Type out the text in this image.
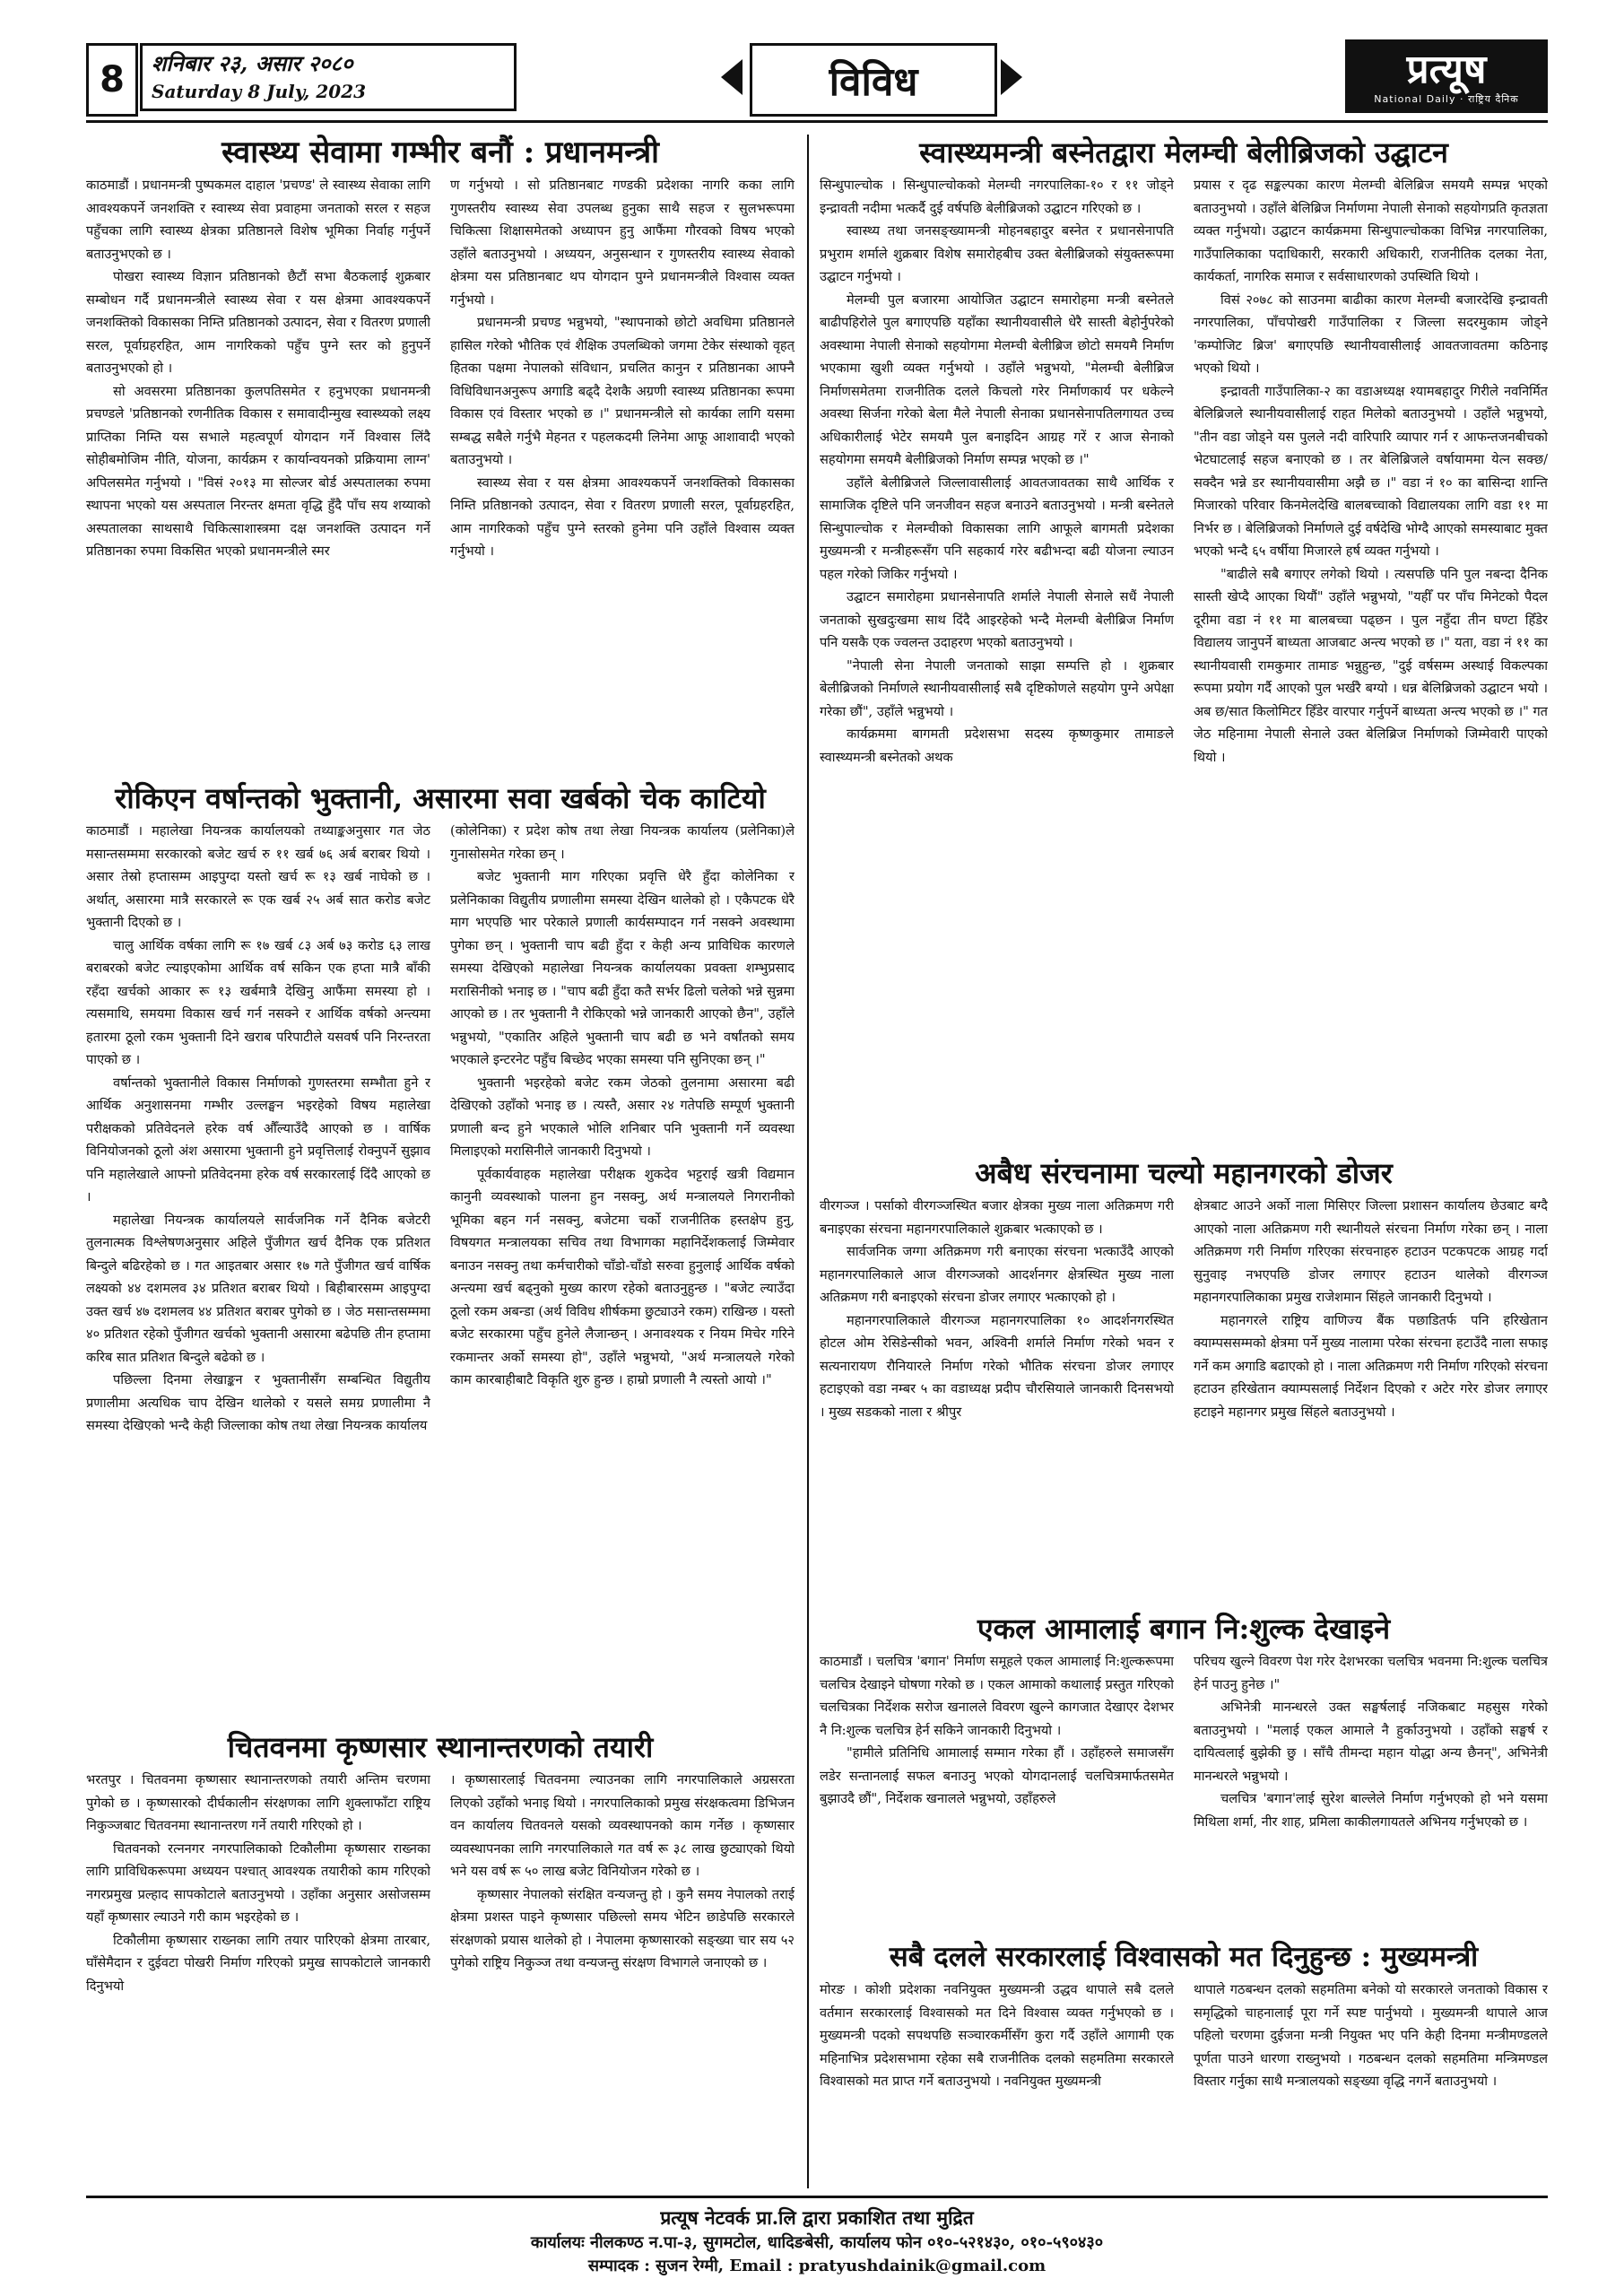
8	शनिबार २३, असार २०८०
Saturday 8 July, 2023	विविध	प्रत्यूष
National Daily · राष्ट्रिय दैनिक
स्वास्थ्य सेवामा गम्भीर बनौं : प्रधानमन्त्री

काठमाडौं । प्रधानमन्त्री पुष्पकमल दाहाल 'प्रचण्ड' ले स्वास्थ्य सेवाका लागि आवश्यकपर्ने जनशक्ति र स्वास्थ्य सेवा प्रवाहमा जनताको सरल र सहज पहुँचका लागि स्वास्थ्य क्षेत्रका प्रतिष्ठानले विशेष भूमिका निर्वाह गर्नुपर्ने बताउनुभएको छ ।

पोखरा स्वास्थ्य विज्ञान प्रतिष्ठानको छैटौं सभा बैठकलाई शुक्रबार सम्बोधन गर्दै प्रधानमन्त्रीले स्वास्थ्य सेवा र यस क्षेत्रमा आवश्यकपर्ने जनशक्तिको विकासका निम्ति प्रतिष्ठानको उत्पादन, सेवा र वितरण प्रणाली सरल, पूर्वाग्रहरहित, आम नागरिकको पहुँच पुग्ने स्तर को हुनुपर्ने बताउनुभएको हो ।

सो अवसरमा प्रतिष्ठानका कुलपतिसमेत र हनुभएका प्रधानमन्त्री प्रचण्डले 'प्रतिष्ठानको रणनीतिक विकास र समावादीन्मुख स्वास्थ्यको लक्ष्य प्राप्तिका निम्ति यस सभाले महत्वपूर्ण योगदान गर्ने विश्वास लिंदै सोहीबमोजिम नीति, योजना, कार्यक्रम र कार्यान्वयनको प्रक्रियामा लाग्न' अपिलसमेत गर्नुभयो । "विसं २०१३ मा सोल्जर बोर्ड अस्पतालका रुपमा स्थापना भएको यस अस्पताल निरन्तर क्षमता वृद्धि हुँदै पाँच सय शय्याको अस्पतालका साथसाथै चिकित्साशास्त्रमा दक्ष जनशक्ति उत्पादन गर्ने प्रतिष्ठानका रुपमा विकसित भएको प्रधानमन्त्रीले स्मर

ण गर्नुभयो । सो प्रतिष्ठानबाट गण्डकी प्रदेशका नागरि कका लागि गुणस्तरीय स्वास्थ्य सेवा उपलब्ध हुनुका साथै सहज र सुलभरूपमा चिकित्सा शिक्षासमेतको अध्यापन हुनु आफैंमा गौरवको विषय भएको उहाँले बताउनुभयो । अध्ययन, अनुसन्धान र गुणस्तरीय स्वास्थ्य सेवाको क्षेत्रमा यस प्रतिष्ठानबाट थप योगदान पुग्ने प्रधानमन्त्रीले विश्वास व्यक्त गर्नुभयो ।

प्रधानमन्त्री प्रचण्ड भन्नुभयो, "स्थापनाको छोटो अवधिमा प्रतिष्ठानले हासिल गरेको भौतिक एवं शैक्षिक उपलब्धिको जगमा टेकेर संस्थाको वृहत् हितका पक्षमा नेपालको संविधान, प्रचलित कानुन र प्रतिष्ठानका आफ्नै विधिविधानअनुरूप अगाडि बढ्दै देशकै अग्रणी स्वास्थ्य प्रतिष्ठानका रूपमा विकास एवं विस्तार भएको छ ।" प्रधानमन्त्रीले सो कार्यका लागि यसमा सम्बद्ध सबैले गर्नुभै मेहनत र पहलकदमी लिनेमा आफू आशावादी भएको बताउनुभयो ।

स्वास्थ्य सेवा र यस क्षेत्रमा आवश्यकपर्ने जनशक्तिको विकासका निम्ति प्रतिष्ठानको उत्पादन, सेवा र वितरण प्रणाली सरल, पूर्वाग्रहरहित, आम नागरिकको पहुँच पुग्ने स्तरको हुनेमा पनि उहाँले विश्वास व्यक्त गर्नुभयो ।

रोकिएन वर्षान्तको भुक्तानी, असारमा सवा खर्बको चेक काटियो

काठमाडौं । महालेखा नियन्त्रक कार्यालयको तथ्याङ्कअनुसार गत जेठ मसान्तसम्ममा सरकारको बजेट खर्च रु ११ खर्ब ७६ अर्ब बराबर थियो । असार तेस्रो हप्तासम्म आइपुग्दा यस्तो खर्च रू १३ खर्ब नाघेको छ । अर्थात्, असारमा मात्रै सरकारले रू एक खर्ब २५ अर्ब सात करोड बजेट भुक्तानी दिएको छ ।

चालु आर्थिक वर्षका लागि रू १७ खर्ब ८३ अर्ब ७३ करोड ६३ लाख बराबरको बजेट ल्याइएकोमा आर्थिक वर्ष सकिन एक हप्ता मात्रै बाँकी रहँदा खर्चको आकार रू १३ खर्बमात्रै देखिनु आफैंमा समस्या हो । त्यसमाथि, समयमा विकास खर्च गर्न नसक्ने र आर्थिक वर्षको अन्त्यमा हतारमा ठूलो रकम भुक्तानी दिने खराब परिपाटीले यसवर्ष पनि निरन्तरता पाएको छ ।

वर्षान्तको भुक्तानीले विकास निर्माणको गुणस्तरमा सम्भौता हुने र आर्थिक अनुशासनमा गम्भीर उल्लङ्घन भइरहेको विषय महालेखा परीक्षकको प्रतिवेदनले हरेक वर्ष औँल्याउँदै आएको छ । वार्षिक विनियोजनको ठूलो अंश असारमा भुक्तानी हुने प्रवृत्तिलाई रोक्नुपर्ने सुझाव पनि महालेखाले आफ्नो प्रतिवेदनमा हरेक वर्ष सरकारलाई दिंदै आएको छ ।

महालेखा नियन्त्रक कार्यालयले सार्वजनिक गर्ने दैनिक बजेटरी तुलनात्मक विश्लेषणअनुसार अहिले पुँजीगत खर्च दैनिक एक प्रतिशत बिन्दुले बढिरहेको छ । गत आइतबार असार १७ गते पुँजीगत खर्च वार्षिक लक्ष्यको ४४ दशमलव ३४ प्रतिशत बराबर थियो । बिहीबारसम्म आइपुग्दा उक्त खर्च ४७ दशमलव ४४ प्रतिशत बराबर पुगेको छ । जेठ मसान्तसम्ममा ४० प्रतिशत रहेको पुँजीगत खर्चको भुक्तानी असारमा बढेपछि तीन हप्तामा करिब सात प्रतिशत बिन्दुले बढेको छ ।

पछिल्ला दिनमा लेखाङ्कन र भुक्तानीसँग सम्बन्धित विद्युतीय प्रणालीमा अत्यधिक चाप देखिन थालेको र यसले समग्र प्रणालीमा नै समस्या देखिएको भन्दै केही जिल्लाका कोष तथा लेखा नियन्त्रक कार्यालय

(कोलेनिका) र प्रदेश कोष तथा लेखा नियन्त्रक कार्यालय (प्रलेनिका)ले गुनासोसमेत गरेका छन् ।

बजेट भुक्तानी माग गरिएका प्रवृत्ति धेरै हुँदा कोलेनिका र प्रलेनिकाका विद्युतीय प्रणालीमा समस्या देखिन थालेको हो । एकैपटक धेरै माग भएपछि भार परेकाले प्रणाली कार्यसम्पादन गर्न नसक्ने अवस्थामा पुगेका छन् । भुक्तानी चाप बढी हुँदा र केही अन्य प्राविधिक कारणले समस्या देखिएको महालेखा नियन्त्रक कार्यालयका प्रवक्ता शम्भुप्रसाद मरासिनीको भनाइ छ । "चाप बढी हुँदा कतै सर्भर ढिलो चलेको भन्ने सुन्नमा आएको छ । तर भुक्तानी नै रोकिएको भन्ने जानकारी आएको छैन", उहाँले भन्नुभयो, "एकातिर अहिले भुक्तानी चाप बढी छ भने वर्षांतको समय भएकाले इन्टरनेट पहुँच बिच्छेद भएका समस्या पनि सुनिएका छन् ।"

भुक्तानी भइरहेको बजेट रकम जेठको तुलनामा असारमा बढी देखिएको उहाँको भनाइ छ । त्यस्तै, असार २४ गतेपछि सम्पूर्ण भुक्तानी प्रणाली बन्द हुने भएकाले भोलि शनिबार पनि भुक्तानी गर्ने व्यवस्था मिलाइएको मरासिनीले जानकारी दिनुभयो ।

पूर्वकार्यवाहक महालेखा परीक्षक शुकदेव भट्टराई खत्री विद्यमान कानुनी व्यवस्थाको पालना हुन नसक्नु, अर्थ मन्त्रालयले निगरानीको भूमिका बहन गर्न नसक्नु, बजेटमा चर्को राजनीतिक हस्तक्षेप हुनु, विषयगत मन्त्रालयका सचिव तथा विभागका महानिर्देशकलाई जिम्मेवार बनाउन नसक्नु तथा कर्मचारीको चाँडो-चाँडो सरुवा हुनुलाई आर्थिक वर्षको अन्त्यमा खर्च बढ्नुको मुख्य कारण रहेको बताउनुहुन्छ । "बजेट ल्याउँदा ठूलो रकम अबन्डा (अर्थ विविध शीर्षकमा छुट्याउने रकम) राखिन्छ । यस्तो बजेट सरकारमा पहुँच हुनेले लैजान्छन् । अनावश्यक र नियम मिचेर गरिने रकमान्तर अर्को समस्या हो", उहाँले भन्नुभयो, "अर्थ मन्त्रालयले गरेको काम कारबाहीबाटै विकृति शुरु हुन्छ । हाम्रो प्रणाली नै त्यस्तो आयो ।"

चितवनमा कृष्णसार स्थानान्तरणको तयारी

भरतपुर । चितवनमा कृष्णसार स्थानान्तरणको तयारी अन्तिम चरणमा पुगेको छ । कृष्णसारको दीर्घकालीन संरक्षणका लागि शुक्लाफाँटा राष्ट्रिय निकुञ्जबाट चितवनमा स्थानान्तरण गर्ने तयारी गरिएको हो ।

चितवनको रत्ननगर नगरपालिकाको टिकौलीमा कृष्णसार राख्नका लागि प्राविधिकरूपमा अध्ययन पश्चात् आवश्यक तयारीको काम गरिएको नगरप्रमुख प्रल्हाद सापकोटाले बताउनुभयो । उहाँका अनुसार असोजसम्म यहाँ कृष्णसार ल्याउने गरी काम भइरहेको छ ।

टिकौलीमा कृष्णसार राख्नका लागि तयार पारिएको क्षेत्रमा तारबार, घाँसेमैदान र दुईवटा पोखरी निर्माण गरिएको प्रमुख सापकोटाले जानकारी दिनुभयो

। कृष्णसारलाई चितवनमा ल्याउनका लागि नगरपालिकाले अग्रसरता लिएको उहाँको भनाइ थियो । नगरपालिकाको प्रमुख संरक्षकत्वमा डिभिजन वन कार्यालय चितवनले यसको व्यवस्थापनको काम गर्नेछ । कृष्णसार व्यवस्थापनका लागि नगरपालिकाले गत वर्ष रू ३८ लाख छुट्याएको थियो भने यस वर्ष रू ५० लाख बजेट विनियोजन गरेको छ ।

कृष्णसार नेपालको संरक्षित वन्यजन्तु हो । कुनै समय नेपालको तराई क्षेत्रमा प्रशस्त पाइने कृष्णसार पछिल्लो समय भेटिन छाडेपछि सरकारले संरक्षणको प्रयास थालेको हो । नेपालमा कृष्णसारको सङ्ख्या चार सय ५२ पुगेको राष्ट्रिय निकुञ्ज तथा वन्यजन्तु संरक्षण विभागले जनाएको छ ।

स्वास्थ्यमन्त्री बस्नेतद्वारा मेलम्ची बेलीब्रिजको उद्घाटन

सिन्धुपाल्चोक । सिन्धुपाल्चोकको मेलम्ची नगरपालिका-१० र ११ जोड्ने इन्द्रावती नदीमा भत्कर्दै दुई वर्षपछि बेलीब्रिजको उद्घाटन गरिएको छ ।

स्वास्थ्य तथा जनसङ्ख्यामन्त्री मोहनबहादुर बस्नेत र प्रधानसेनापति प्रभुराम शर्माले शुक्रबार विशेष समारोहबीच उक्त बेलीब्रिजको संयुक्तरूपमा उद्घाटन गर्नुभयो ।

मेलम्ची पुल बजारमा आयोजित उद्घाटन समारोहमा मन्त्री बस्नेतले बाढीपहिरोले पुल बगाएपछि यहाँका स्थानीयवासीले धेरै सास्ती बेहोर्नुपरेको अवस्थामा नेपाली सेनाको सहयोगमा मेलम्ची बेलीब्रिज छोटो समयमै निर्माण भएकामा खुशी व्यक्त गर्नुभयो । उहाँले भन्नुभयो, "मेलम्ची बेलीब्रिज निर्माणसमेतमा राजनीतिक दलले किचलो गरेर निर्माणकार्य पर धकेल्ने अवस्था सिर्जना गरेको बेला मैले नेपाली सेनाका प्रधानसेनापतिलगायत उच्च अधिकारीलाई भेटेर समयमै पुल बनाइदिन आग्रह गरें र आज सेनाको सहयोगमा समयमै बेलीब्रिजको निर्माण सम्पन्न भएको छ ।"

उहाँले बेलीब्रिजले जिल्लावासीलाई आवतजावतका साथै आर्थिक र सामाजिक दृष्टिले पनि जनजीवन सहज बनाउने बताउनुभयो । मन्त्री बस्नेतले सिन्धुपाल्चोक र मेलम्चीको विकासका लागि आफूले बागमती प्रदेशका मुख्यमन्त्री र मन्त्रीहरूसँग पनि सहकार्य गरेर बढीभन्दा बढी योजना ल्याउन पहल गरेको जिकिर गर्नुभयो ।

उद्घाटन समारोहमा प्रधानसेनापति शर्माले नेपाली सेनाले सधैं नेपाली जनताको सुखदुःखमा साथ दिंदै आइरहेको भन्दै मेलम्ची बेलीब्रिज निर्माण पनि यसकै एक ज्वलन्त उदाहरण भएको बताउनुभयो ।

"नेपाली सेना नेपाली जनताको साझा सम्पत्ति हो । शुक्रबार बेलीब्रिजको निर्माणले स्थानीयवासीलाई सबै दृष्टिकोणले सहयोग पुग्ने अपेक्षा गरेका छौं", उहाँले भन्नुभयो ।

कार्यक्रममा बागमती प्रदेशसभा सदस्य कृष्णकुमार तामाङले स्वास्थ्यमन्त्री बस्नेतको अथक

प्रयास र दृढ सङ्कल्पका कारण मेलम्ची बेलिब्रिज समयमै सम्पन्न भएको बताउनुभयो । उहाँले बेलिब्रिज निर्माणमा नेपाली सेनाको सहयोगप्रति कृतज्ञता व्यक्त गर्नुभयो। उद्घाटन कार्यक्रममा सिन्धुपाल्चोकका विभिन्न नगरपालिका, गाउँपालिकाका पदाधिकारी, सरकारी अधिकारी, राजनीतिक दलका नेता, कार्यकर्ता, नागरिक समाज र सर्वसाधारणको उपस्थिति थियो ।

विसं २०७८ को साउनमा बाढीका कारण मेलम्ची बजारदेखि इन्द्रावती नगरपालिका, पाँचपोखरी गाउँपालिका र जिल्ला सदरमुकाम जोड्ने 'कम्पोजिट ब्रिज' बगाएपछि स्थानीयवासीलाई आवतजावतमा कठिनाइ भएको थियो ।

इन्द्रावती गाउँपालिका-२ का वडाअध्यक्ष श्यामबहादुर गिरीले नवनिर्मित बेलिब्रिजले स्थानीयवासीलाई राहत मिलेको बताउनुभयो । उहाँले भन्नुभयो, "तीन वडा जोड्ने यस पुलले नदी वारिपारि व्यापार गर्न र आफन्तजनबीचको भेटघाटलाई सहज बनाएको छ । तर बेलिब्रिजले वर्षायाममा येत्न सक्छ/ सक्दैन भन्ने डर स्थानीयवासीमा अझै छ ।" वडा नं १० का बासिन्दा शान्ति मिजारको परिवार किनमेलदेखि बालबच्चाको विद्यालयका लागि वडा ११ मा निर्भर छ । बेलिब्रिजको निर्माणले दुई वर्षदेखि भोग्दै आएको समस्याबाट मुक्त भएको भन्दै ६५ वर्षीया मिजारले हर्ष व्यक्त गर्नुभयो ।

"बाढीले सबै बगाएर लगेको थियो । त्यसपछि पनि पुल नबन्दा दैनिक सास्ती खेप्दै आएका थियौं" उहाँले भन्नुभयो, "यहीँ पर पाँच मिनेटको पैदल दूरीमा वडा नं ११ मा बालबच्चा पढ्छन । पुल नहुँदा तीन घण्टा हिँडेर विद्यालय जानुपर्ने बाध्यता आजबाट अन्त्य भएको छ ।" यता, वडा नं ११ का स्थानीयवासी रामकुमार तामाङ भन्नुहुन्छ, "दुई वर्षसम्म अस्थाई विकल्पका रूपमा प्रयोग गर्दै आएको पुल भर्खरै बग्यो । धन्न बेलिब्रिजको उद्घाटन भयो । अब छ/सात किलोमिटर हिँडेर वारपार गर्नुपर्ने बाध्यता अन्त्य भएको छ ।" गत जेठ महिनामा नेपाली सेनाले उक्त बेलिब्रिज निर्माणको जिम्मेवारी पाएको थियो ।

अबैध संरचनामा चल्यो महानगरको डोजर

वीरगञ्ज । पर्साको वीरगञ्जस्थित बजार क्षेत्रका मुख्य नाला अतिक्रमण गरी बनाइएका संरचना महानगरपालिकाले शुक्रबार भत्काएको छ ।

सार्वजनिक जग्गा अतिक्रमण गरी बनाएका संरचना भत्काउँदै आएको महानगरपालिकाले आज वीरगञ्जको आदर्शनगर क्षेत्रस्थित मुख्य नाला अतिक्रमण गरी बनाइएको संरचना डोजर लगाएर भत्काएको हो ।

महानगरपालिकाले वीरगञ्ज महानगरपालिका १० आदर्शनगरस्थित होटल ओम रेसिडेन्सीको भवन, अश्विनी शर्माले निर्माण गरेको भवन र सत्यनारायण रौनियारले निर्माण गरेको भौतिक संरचना डोजर लगाएर हटाइएको वडा नम्बर ५ का वडाध्यक्ष प्रदीप चौरसियाले जानकारी दिनसभयो । मुख्य सडकको नाला र श्रीपुर

क्षेत्रबाट आउने अर्को नाला मिसिएर जिल्ला प्रशासन कार्यालय छेउबाट बग्दै आएको नाला अतिक्रमण गरी स्थानीयले संरचना निर्माण गरेका छन् । नाला अतिक्रमण गरी निर्माण गरिएका संरचनाहरु हटाउन पटकपटक आग्रह गर्दा सुनुवाइ नभएपछि डोजर लगाएर हटाउन थालेको वीरगञ्ज महानगरपालिकाका प्रमुख राजेशमान सिंहले जानकारी दिनुभयो ।

महानगरले राष्ट्रिय वाणिज्य बैंक पछाडितर्फ पनि हरिखेतान क्याम्पससम्मको क्षेत्रमा पर्ने मुख्य नालामा परेका संरचना हटाउँदै नाला सफाइ गर्ने कम अगाडि बढाएको हो । नाला अतिक्रमण गरी निर्माण गरिएको संरचना हटाउन हरिखेतान क्याम्पसलाई निर्देशन दिएको र अटेर गरेर डोजर लगाएर हटाइने महानगर प्रमुख सिंहले बताउनुभयो ।

एकल आमालाई बगान नि:शुल्क देखाइने

काठमाडौं । चलचित्र 'बगान' निर्माण समूहले एकल आमालाई नि:शुल्करूपमा चलचित्र देखाइने घोषणा गरेको छ । एकल आमाको कथालाई प्रस्तुत गरिएको चलचित्रका निर्देशक सरोज खनालले विवरण खुल्ने कागजात देखाएर देशभर नै नि:शुल्क चलचित्र हेर्न सकिने जानकारी दिनुभयो ।

"हामीले प्रतिनिधि आमालाई सम्मान गरेका हौं । उहाँहरुले समाजसँग लडेर सन्तानलाई सफल बनाउनु भएको योगदानलाई चलचित्रमार्फतसमेत बुझाउदै छौं", निर्देशक खनालले भन्नुभयो, उहाँहरुले

परिचय खुल्ने विवरण पेश गरेर देशभरका चलचित्र भवनमा नि:शुल्क चलचित्र हेर्न पाउनु हुनेछ ।"

अभिनेत्री मानन्धरले उक्त सङ्घर्षलाई नजिकबाट महसुस गरेको बताउनुभयो । "मलाई एकल आमाले नै हुर्काउनुभयो । उहाँको सङ्घर्ष र दायित्वलाई बुझेकी छु । साँचै तीमन्दा महान योद्धा अन्य छैनन्", अभिनेत्री मानन्धरले भन्नुभयो ।

चलचित्र 'बगान'लाई सुरेश बाल्लेले निर्माण गर्नुभएको हो भने यसमा मिथिला शर्मा, नीर शाह, प्रमिला काकीलगायतले अभिनय गर्नुभएको छ ।

सबै दलले सरकारलाई विश्वासको मत दिनुहुन्छ : मुख्यमन्त्री

मोरङ । कोशी प्रदेशका नवनियुक्त मुख्यमन्त्री उद्धव थापाले सबै दलले वर्तमान सरकारलाई विश्वासको मत दिने विश्वास व्यक्त गर्नुभएको छ । मुख्यमन्त्री पदको सपथपछि सञ्चारकर्मीसँग कुरा गर्दै उहाँले आगामी एक महिनाभित्र प्रदेशसभामा रहेका सबै राजनीतिक दलको सहमतिमा सरकारले विश्वासको मत प्राप्त गर्ने बताउनुभयो । नवनियुक्त मुख्यमन्त्री

थापाले गठबन्धन दलको सहमतिमा बनेको यो सरकारले जनताको विकास र समृद्धिको चाहनालाई पूरा गर्ने स्पष्ट पार्नुभयो । मुख्यमन्त्री थापाले आज पहिलो चरणमा दुईजना मन्त्री नियुक्त भए पनि केही दिनमा मन्त्रीमण्डलले पूर्णता पाउने धारणा राख्नुभयो । गठबन्धन दलको सहमतिमा मन्त्रिमण्डल विस्तार गर्नुका साथै मन्त्रालयको सङ्ख्या वृद्धि नगर्ने बताउनुभयो ।

प्रत्यूष नेटवर्क प्रा.लि द्वारा प्रकाशित तथा मुद्रित
कार्यालयः नीलकण्ठ न.पा-३, सुगमटोल, धादिङबेसी, कार्यालय फोन ०१०-५२१४३०, ०१०-५९०४३०
सम्पादक : सुजन रेग्मी, Email : pratyushdainik@gmail.com
